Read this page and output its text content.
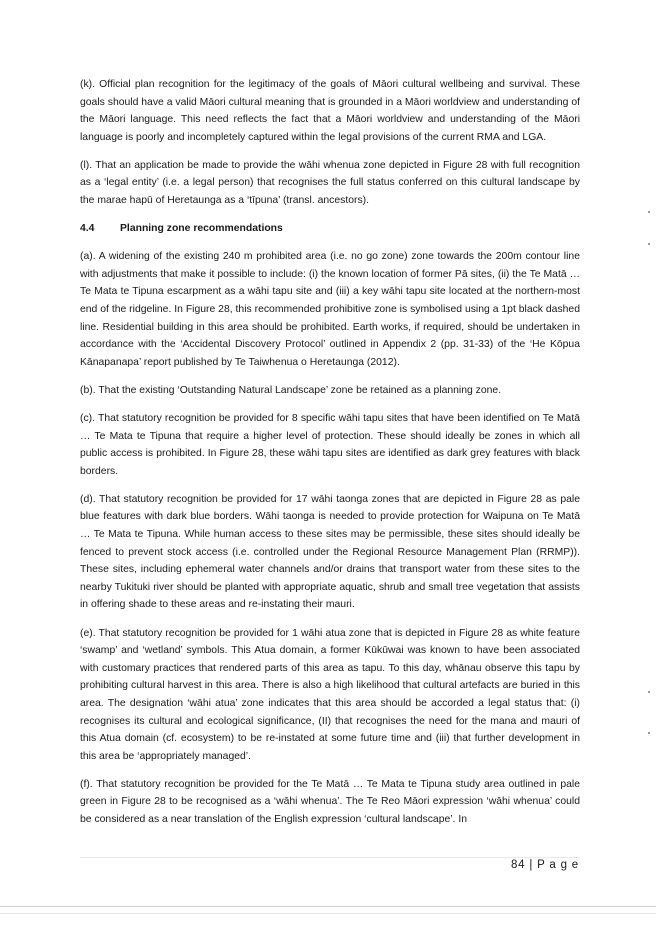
(k). Official plan recognition for the legitimacy of the goals of Māori cultural wellbeing and survival. These goals should have a valid Māori cultural meaning that is grounded in a Māori worldview and understanding of the Māori language. This need reflects the fact that a Māori worldview and understanding of the Māori language is poorly and incompletely captured within the legal provisions of the current RMA and LGA.

(l). That an application be made to provide the wāhi whenua zone depicted in Figure 28 with full recognition as a ‘legal entity’ (i.e. a legal person) that recognises the full status conferred on this cultural landscape by the marae hapū of Heretaunga as a ‘tīpuna’ (transl. ancestors).

4.4	Planning zone recommendations

(a). A widening of the existing 240 m prohibited area (i.e. no go zone) zone towards the 200m contour line with adjustments that make it possible to include: (i) the known location of former Pā sites, (ii) the Te Matā … Te Mata te Tipuna escarpment as a wāhi tapu site and (iii) a key wāhi tapu site located at the northern-most end of the ridgeline. In Figure 28, this recommended prohibitive zone is symbolised using a 1pt black dashed line. Residential building in this area should be prohibited. Earth works, if required, should be undertaken in accordance with the ‘Accidental Discovery Protocol’ outlined in Appendix 2 (pp. 31-33) of the ‘He Kōpua Kānapanapa’ report published by Te Taiwhenua o Heretaunga (2012).

(b). That the existing ‘Outstanding Natural Landscape’ zone be retained as a planning zone.

(c). That statutory recognition be provided for 8 specific wāhi tapu sites that have been identified on Te Matā … Te Mata te Tipuna that require a higher level of protection. These should ideally be zones in which all public access is prohibited. In Figure 28, these wāhi tapu sites are identified as dark grey features with black borders.

(d). That statutory recognition be provided for 17 wāhi taonga zones that are depicted in Figure 28 as pale blue features with dark blue borders. Wāhi taonga is needed to provide protection for Waipuna on Te Matā … Te Mata te Tipuna. While human access to these sites may be permissible, these sites should ideally be fenced to prevent stock access (i.e. controlled under the Regional Resource Management Plan (RRMP)). These sites, including ephemeral water channels and/or drains that transport water from these sites to the nearby Tukituki river should be planted with appropriate aquatic, shrub and small tree vegetation that assists in offering shade to these areas and re-instating their mauri.

(e). That statutory recognition be provided for 1 wāhi atua zone that is depicted in Figure 28 as white feature ‘swamp’ and ‘wetland’ symbols. This Atua domain, a former Kūkūwai was known to have been associated with customary practices that rendered parts of this area as tapu. To this day, whānau observe this tapu by prohibiting cultural harvest in this area. There is also a high likelihood that cultural artefacts are buried in this area. The designation ‘wāhi atua’ zone indicates that this area should be accorded a legal status that: (i) recognises its cultural and ecological significance, (II) that recognises the need for the mana and mauri of this Atua domain (cf. ecosystem) to be re-instated at some future time and (iii) that further development in this area be ‘appropriately managed’.

(f). That statutory recognition be provided for the Te Matā … Te Mata te Tipuna study area outlined in pale green in Figure 28 to be recognised as a ‘wāhi whenua’. The Te Reo Māori expression ‘wāhi whenua’ could be considered as a near translation of the English expression ‘cultural landscape’. In

84 | P a g e
